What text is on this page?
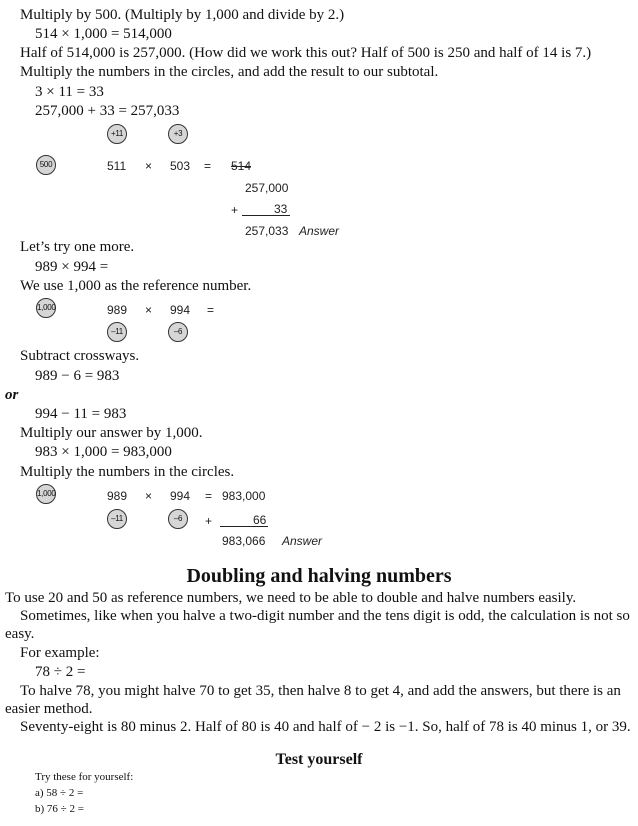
Multiply by 500. (Multiply by 1,000 and divide by 2.)
514 × 1,000 = 514,000
Half of 514,000 is 257,000. (How did we work this out? Half of 500 is 250 and half of 14 is 7.)
Multiply the numbers in the circles, and add the result to our subtotal.
3 × 11 = 33
257,000 + 33 = 257,033
+11	+3
500	511 × 503 = 514
257,000
+	33
257,033 Answer
Let’s try one more.
989 × 994 =
We use 1,000 as the reference number.
1,000	989 × 994 =
–11	–6
Subtract crossways.
989 − 6 = 983
or
994 − 11 = 983
Multiply our answer by 1,000.
983 × 1,000 = 983,000
Multiply the numbers in the circles.
1,000	989 × 994 = 983,000
–11	–6	+	66
983,066 Answer
Doubling and halving numbers
To use 20 and 50 as reference numbers, we need to be able to double and halve numbers easily.
Sometimes, like when you halve a two-digit number and the tens digit is odd, the calculation is not so easy.
For example:
78 ÷ 2 =
To halve 78, you might halve 70 to get 35, then halve 8 to get 4, and add the answers, but there is an easier method.
Seventy-eight is 80 minus 2. Half of 80 is 40 and half of − 2 is −1. So, half of 78 is 40 minus 1, or 39.
Test yourself
Try these for yourself:
a) 58 ÷ 2 =
b) 76 ÷ 2 =
